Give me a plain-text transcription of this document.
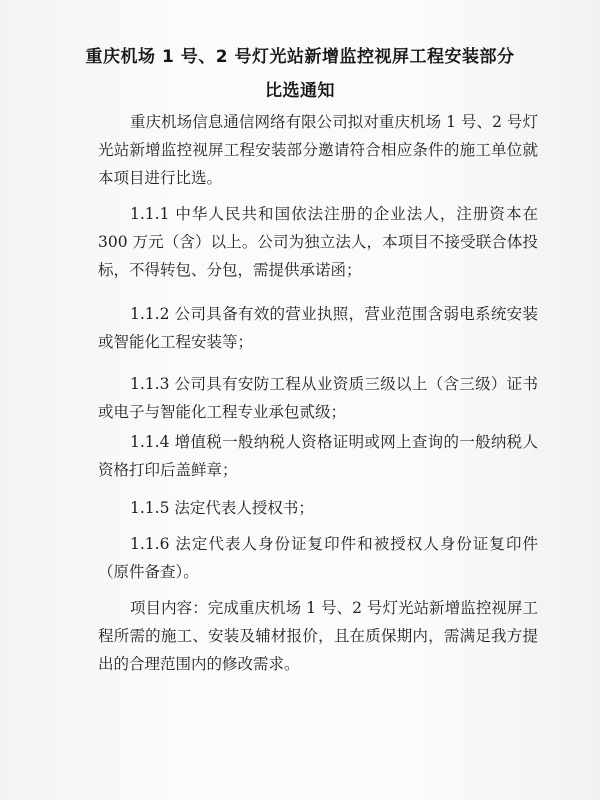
重庆机场 1 号、2 号灯光站新增监控视屏工程安装部分
比选通知

重庆机场信息通信网络有限公司拟对重庆机场 1 号、2 号灯光站新增监控视屏工程安装部分邀请符合相应条件的施工单位就本项目进行比选。

1.1.1 中华人民共和国依法注册的企业法人，注册资本在 300 万元（含）以上。公司为独立法人，本项目不接受联合体投标，不得转包、分包，需提供承诺函；

1.1.2 公司具备有效的营业执照，营业范围含弱电系统安装或智能化工程安装等；

1.1.3 公司具有安防工程从业资质三级以上（含三级）证书或电子与智能化工程专业承包贰级；

1.1.4 增值税一般纳税人资格证明或网上查询的一般纳税人资格打印后盖鲜章；

1.1.5 法定代表人授权书；

1.1.6 法定代表人身份证复印件和被授权人身份证复印件（原件备查）。

项目内容：完成重庆机场 1 号、2 号灯光站新增监控视屏工程所需的施工、安装及辅材报价，且在质保期内，需满足我方提出的合理范围内的修改需求。
